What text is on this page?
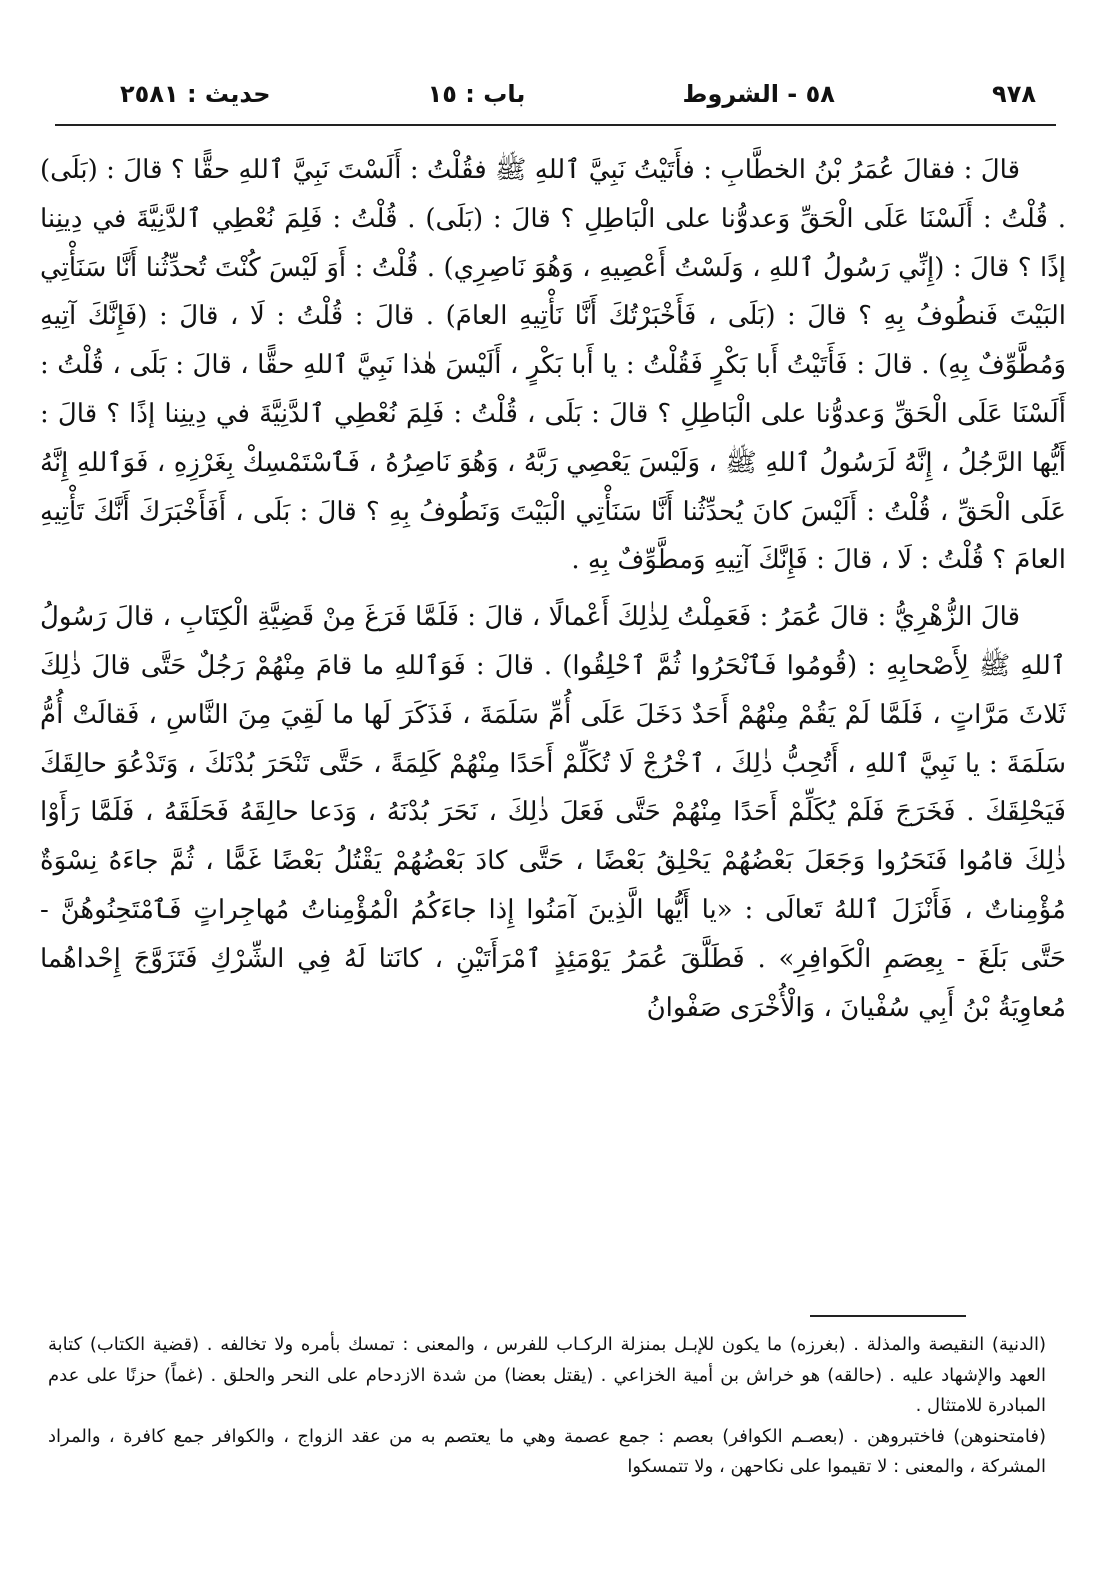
٩٧٨
٥٨ - الشروط
باب : ١٥
حديث : ٢٥٨١

قالَ : فقالَ عُمَرُ بْنُ الخطَّابِ : فأَتَيْتُ نَبِيَّ ٱللهِ ﷺ فقُلْتُ : أَلَسْتَ نَبِيَّ ٱللهِ حقًّا ؟ قالَ : (بَلَى) . قُلْتُ : أَلَسْنَا عَلَى الْحَقِّ وَعدوُّنا على الْبَاطِلِ ؟ قالَ : (بَلَى) . قُلْتُ : فَلِمَ نُعْطِي ٱلدَّنِيَّةَ في دِينِنا إذًا ؟ قالَ : (إِنِّي رَسُولُ ٱللهِ ، وَلَسْتُ أَعْصِيهِ ، وَهُوَ نَاصِرِي) . قُلْتُ : أَوَ لَيْسَ كُنْتَ تُحدِّثُنا أَنَّا سَنَأْتِي البَيْتَ فَنطُوفُ بِهِ ؟ قالَ : (بَلَى ، فَأَخْبَرْتُكَ أَنَّا نَأْتِيهِ العامَ) . قالَ : قُلْتُ : لَا ، قالَ : (فَإِنَّكَ آتِيهِ وَمُطَّوِّفٌ بِهِ) . قالَ : فَأَتَيْتُ أَبا بَكْرٍ فَقُلْتُ : يا أَبا بَكْرٍ ، أَلَيْسَ هٰذا نَبِيَّ ٱللهِ حقًّا ، قالَ : بَلَى ، قُلْتُ : أَلَسْنَا عَلَى الْحَقِّ وَعدوُّنا على الْبَاطِلِ ؟ قالَ : بَلَى ، قُلْتُ : فَلِمَ نُعْطِي ٱلدَّنِيَّةَ في دِينِنا إذًا ؟ قالَ : أَيُّها الرَّجُلُ ، إِنَّهُ لَرَسُولُ ٱللهِ ﷺ ، وَلَيْسَ يَعْصِي رَبَّهُ ، وَهُوَ نَاصِرُهُ ، فَٱسْتَمْسِكْ بِغَرْزِهِ ، فَوَٱللهِ إِنَّهُ عَلَى الْحَقِّ ، قُلْتُ : أَلَيْسَ كانَ يُحدِّثُنا أَنَّا سَنَأْتِي الْبَيْتَ وَنَطُوفُ بِهِ ؟ قالَ : بَلَى ، أَفَأَخْبَرَكَ أَنَّكَ تَأْتِيهِ العامَ ؟ قُلْتُ : لَا ، قالَ : فَإِنَّكَ آتِيهِ وَمطَّوِّفٌ بِهِ .

قالَ الزُّهْرِيُّ : قالَ عُمَرُ : فَعَمِلْتُ لِذٰلِكَ أَعْمالًا ، قالَ : فَلَمَّا فَرَغَ مِنْ قَضِيَّةِ الْكِتَابِ ، قالَ رَسُولُ ٱللهِ ﷺ لِأَصْحابِهِ : (قُومُوا فَٱنْحَرُوا ثُمَّ ٱحْلِقُوا) . قالَ : فَوَٱللهِ ما قامَ مِنْهُمْ رَجُلٌ حَتَّى قالَ ذٰلِكَ ثَلاثَ مَرَّاتٍ ، فَلَمَّا لَمْ يَقُمْ مِنْهُمْ أَحَدٌ دَخَلَ عَلَى أُمِّ سَلَمَةَ ، فَذَكَرَ لَها ما لَقِيَ مِنَ النَّاسِ ، فَقالَتْ أُمُّ سَلَمَةَ : يا نَبِيَّ ٱللهِ ، أَتُحِبُّ ذٰلِكَ ، ٱخْرُجْ لَا تُكَلِّمْ أَحَدًا مِنْهُمْ كَلِمَةً ، حَتَّى تَنْحَرَ بُدْنَكَ ، وَتَدْعُوَ حالِقَكَ فَيَحْلِقَكَ . فَخَرَجَ فَلَمْ يُكَلِّمْ أَحَدًا مِنْهُمْ حَتَّى فَعَلَ ذٰلِكَ ، نَحَرَ بُدْنَهُ ، وَدَعا حالِقَهُ فَحَلَقَهُ ، فَلَمَّا رَأَوْا ذٰلِكَ قامُوا فَنَحَرُوا وَجَعَلَ بَعْضُهُمْ يَحْلِقُ بَعْضًا ، حَتَّى كادَ بَعْضُهُمْ يَقْتُلُ بَعْضًا غَمًّا ، ثُمَّ جاءَهُ نِسْوَةٌ مُؤْمِناتٌ ، فَأَنْزَلَ ٱللهُ تَعالَى : «يا أَيُّها الَّذِينَ آمَنُوا إِذا جاءَكُمُ الْمُؤْمِناتُ مُهاجِراتٍ فَٱمْتَحِنُوهُنَّ - حَتَّى بَلَغَ - بِعِصَمِ الْكَوافِرِ» . فَطَلَّقَ عُمَرُ يَوْمَئِذٍ ٱمْرَأَتَيْنِ ، كانَتا لَهُ فِي الشِّرْكِ فَتَزَوَّجَ إِحْداهُما مُعاوِيَةُ بْنُ أَبِي سُفْيانَ ، وَالْأُخْرَى صَفْوانُ

(الدنية) النقيصة والمذلة . (بغرزه) ما يكون للإبـل بمنزلة الركـاب للفرس ، والمعنى : تمسك بأمره ولا تخالفه . (قضية الكتاب) كتابة العهد والإشهاد عليه . (حالقه) هو خراش بن أمية الخزاعي . (يقتل بعضا) من شدة الازدحام على النحر والحلق . (غماً) حزنًا على عدم المبادرة للامتثال .

(فامتحنوهن) فاختبروهن . (بعصـم الكوافر) بعصم : جمع عصمة وهي ما يعتصم به من عقد الزواج ، والكوافر جمع كافرة ، والمراد المشركة ، والمعنى : لا تقيموا على نكاحهن ، ولا تتمسكوا
